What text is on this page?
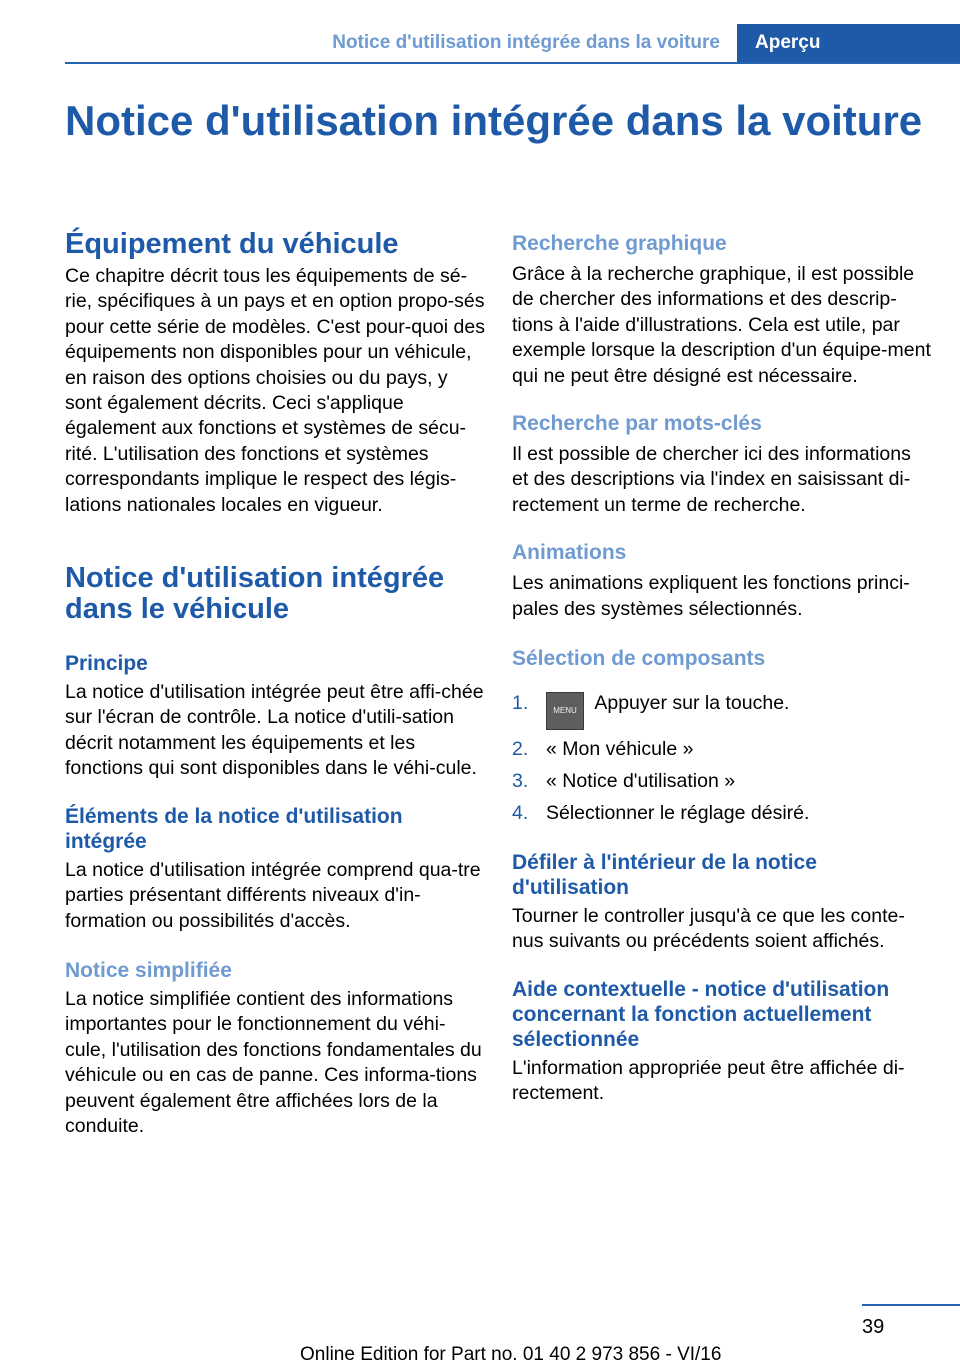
Notice d'utilisation intégrée dans la voiture	Aperçu
Notice d'utilisation intégrée dans la voiture
Équipement du véhicule

Ce chapitre décrit tous les équipements de sé-rie, spécifiques à un pays et en option propo-sés pour cette série de modèles. C'est pour-quoi des équipements non disponibles pour un véhicule, en raison des options choisies ou du pays, y sont également décrits. Ceci s'applique également aux fonctions et systèmes de sécu-rité. L'utilisation des fonctions et systèmes correspondants implique le respect des légis-lations nationales locales en vigueur.

Notice d'utilisation intégrée dans le véhicule
Principe

La notice d'utilisation intégrée peut être affi-chée sur l'écran de contrôle. La notice d'utili-sation décrit notamment les équipements et les fonctions qui sont disponibles dans le véhi-cule.

Éléments de la notice d'utilisation intégrée

La notice d'utilisation intégrée comprend qua-tre parties présentant différents niveaux d'in-formation ou possibilités d'accès.

Notice simplifiée

La notice simplifiée contient des informations importantes pour le fonctionnement du véhi-cule, l'utilisation des fonctions fondamentales du véhicule ou en cas de panne. Ces informa-tions peuvent également être affichées lors de la conduite.

Recherche graphique

Grâce à la recherche graphique, il est possible de chercher des informations et des descrip-tions à l'aide d'illustrations. Cela est utile, par exemple lorsque la description d'un équipe-ment qui ne peut être désigné est nécessaire.

Recherche par mots-clés

Il est possible de chercher ici des informations et des descriptions via l'index en saisissant di-rectement un terme de recherche.

Animations

Les animations expliquent les fonctions princi-pales des systèmes sélectionnés.

Sélection de composants
1.	MENU Appuyer sur la touche.
2. « Mon véhicule »
3. « Notice d'utilisation »
4. Sélectionner le réglage désiré.
Défiler à l'intérieur de la notice d'utilisation

Tourner le controller jusqu'à ce que les conte-nus suivants ou précédents soient affichés.

Aide contextuelle - notice d'utilisation concernant la fonction actuellement sélectionnée

L'information appropriée peut être affichée di-rectement.

39
Online Edition for Part no. 01 40 2 973 856 - VI/16
